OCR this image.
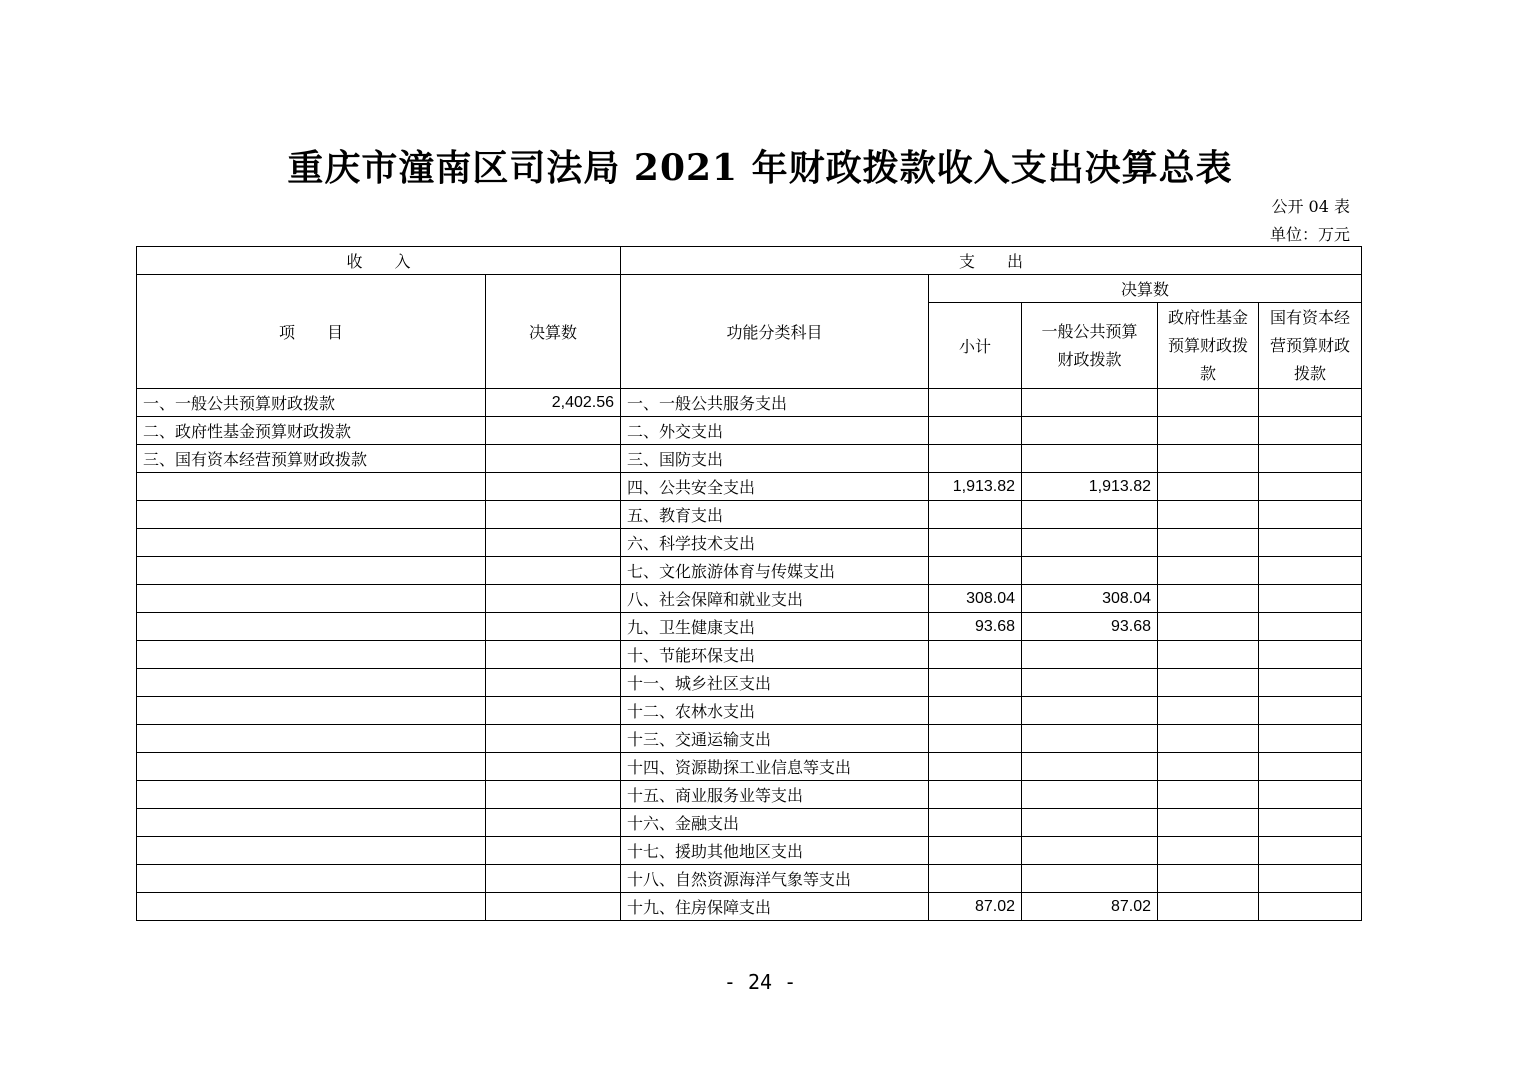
重庆市潼南区司法局 2021 年财政拨款收入支出决算总表
公开 04 表
单位：万元
收　　入		支　　出				
项　　目	决算数	功能分类科目	决算数			
			小计	一般公共预算财政拨款	政府性基金预算财政拨款	国有资本经营预算财政拨款
一、一般公共预算财政拨款	2,402.56	一、一般公共服务支出				
二、政府性基金预算财政拨款		二、外交支出				
三、国有资本经营预算财政拨款		三、国防支出				
		四、公共安全支出	1,913.82	1,913.82		
		五、教育支出				
		六、科学技术支出				
		七、文化旅游体育与传媒支出				
		八、社会保障和就业支出	308.04	308.04		
		九、卫生健康支出	93.68	93.68		
		十、节能环保支出				
		十一、城乡社区支出				
		十二、农林水支出				
		十三、交通运输支出				
		十四、资源勘探工业信息等支出				
		十五、商业服务业等支出				
		十六、金融支出				
		十七、援助其他地区支出				
		十八、自然资源海洋气象等支出				
		十九、住房保障支出	87.02	87.02		
- 24 -
